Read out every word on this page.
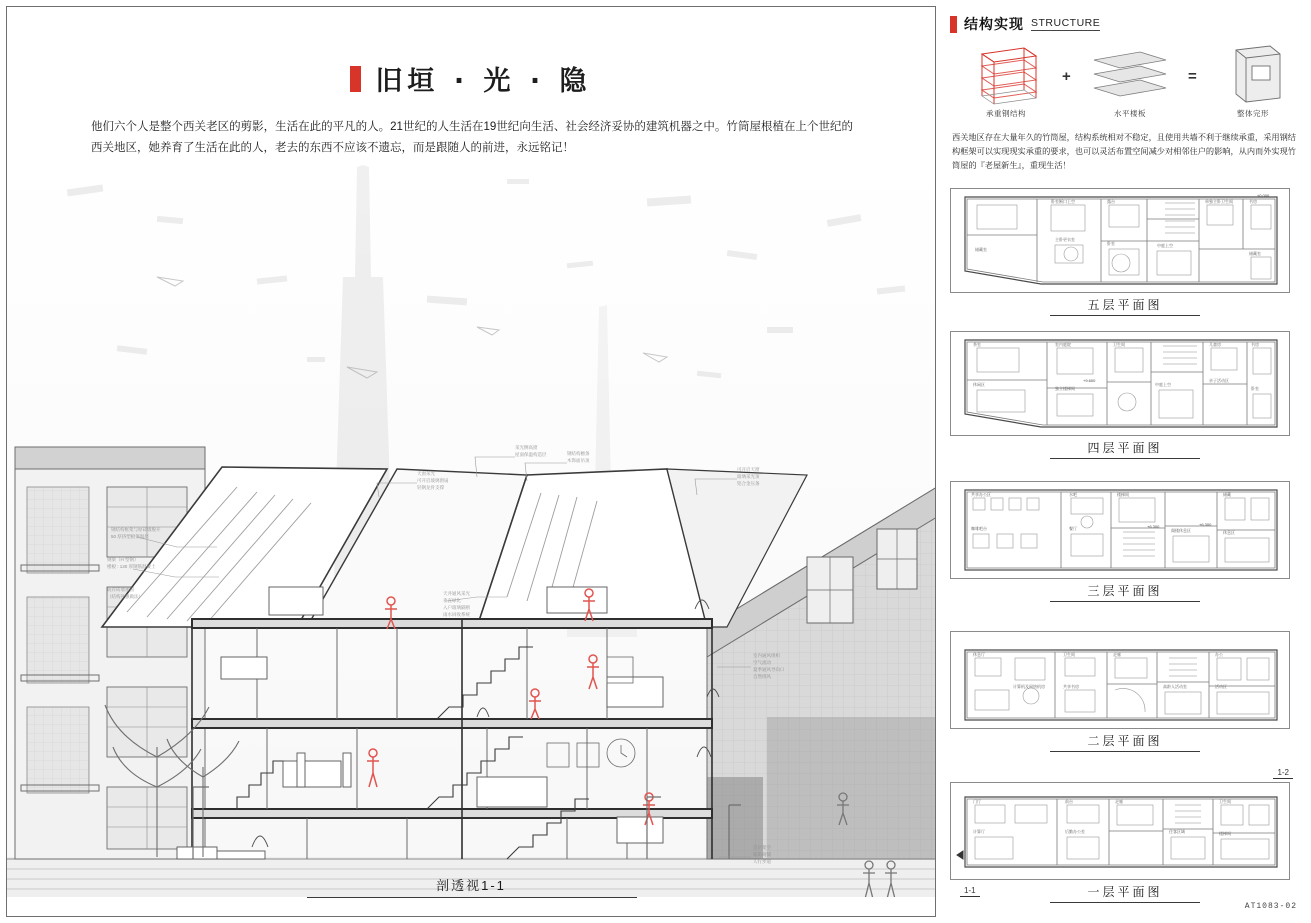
旧垣 · 光 · 隐

他们六个人是整个西关老区的剪影，生活在此的平凡的人。21世纪的人生活在19世纪向生活、社会经济妥协的建筑机器之中。竹筒屋根植在上个世纪的西关地区，她养育了生活在此的人，老去的东西不应该不遗忘，而是跟随人的前进，永远铭记！

采光侧高窗
屋面保温构造层	钢结构檩条
木饰面吊顶
天窗采光
可开启玻璃窗扇
轻钢龙骨支撑
可开启天窗
玻璃采光顶
铝合金压条
钢结构框架与原砖墙脱开
50 厚挤塑板保温层
钢梁（H 型钢）
楼板 : 130 厚钢筋混凝土
既有砖墙加固
（结构补强做法）
天井通风采光
垂直绿化
入户玻璃隔断
雨水回收系统
室内通风组织
空气流动
夏季通风导向口
自然排风
首层架空
临街商铺
人行步道
剖透视1-1
结构实现 STRUCTURE
承重钢结构
+
水平楼板
=
整体完形
西关地区存在大量年久的竹筒屋，结构系统相对不稳定，且使用共墙不利于继续承重，采用钢结构框架可以实现现实承重的要求，也可以灵活布置空间减少对相邻住户的影响，从内而外实现竹筒屋的『老屋新生』，重现生活！
储藏室
卧室断口上空	露台
卧室	中庭上空
单独主卧卫生间	书房
储藏室
主卧更衣室
±0.000
五层平面图
茶室
休闲区
室内庭院
独立楼梯间
卫生间
中庭上空
儿童房
亲子活动区
书房
卧室
+9.600
四层平面图
共享办公区
咖啡吧台
水吧
餐厅
楼梯间
阁楼休息区
储藏
休息区
+6.300	+6.300
三层平面图
休息厅
计算机及网络机房
卫生间
共享书房
走廊
高龄人活动室
办公
活动区
二层平面图
门厅
计算厅
前台
后勤办公室
走廊
住客区域
卫生间
楼梯间
一层平面图
1-2
1-1
AT1083-02
